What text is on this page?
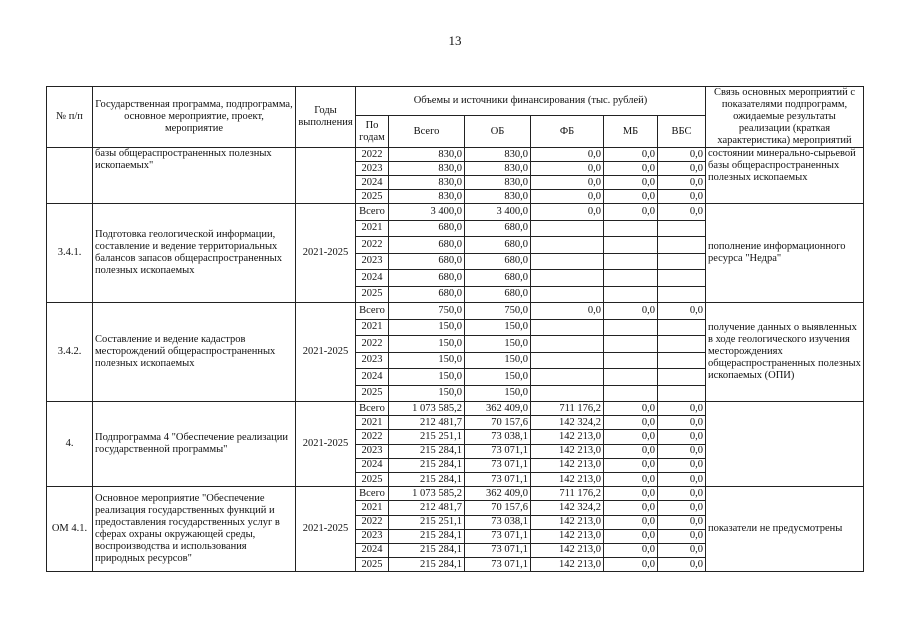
13
№ п/п	Государственная программа, подпрограмма, основное мероприятие, проект, мероприятие	Годы выполнения	Объемы и источники финансирования (тыс. рублей)						Связь основных мероприятий с показателями подпрограмм, ожидаемые результаты реализации (краткая характеристика) мероприятий
			По годам	Всего	ОБ	ФБ	МБ	ВБС	
	базы общераспространенных полезных ископаемых"		2022	830,0	830,0	0,0	0,0	0,0	состоянии минерально-сырьевой базы общераспространенных полезных ископаемых
			2023	830,0	830,0	0,0	0,0	0,0	
			2024	830,0	830,0	0,0	0,0	0,0	
			2025	830,0	830,0	0,0	0,0	0,0	
3.4.1.	Подготовка геологической информации, составление и ведение территориальных балансов запасов общераспространенных полезных ископаемых	2021-2025	Всего	3 400,0	3 400,0	0,0	0,0	0,0	пополнение информационного ресурса "Недра"
			2021	680,0	680,0				
			2022	680,0	680,0				
			2023	680,0	680,0				
			2024	680,0	680,0				
			2025	680,0	680,0				
3.4.2.	Составление и ведение кадастров месторождений общераспространенных полезных ископаемых	2021-2025	Всего	750,0	750,0	0,0	0,0	0,0	получение данных о выявленных в ходе геологического изучения месторождениях общераспространенных полезных ископаемых (ОПИ)
			2021	150,0	150,0				
			2022	150,0	150,0				
			2023	150,0	150,0				
			2024	150,0	150,0				
			2025	150,0	150,0				
4.	Подпрограмма 4 "Обеспечение реализации государственной программы"	2021-2025	Всего	1 073 585,2	362 409,0	711 176,2	0,0	0,0	
			2021	212 481,7	70 157,6	142 324,2	0,0	0,0	
			2022	215 251,1	73 038,1	142 213,0	0,0	0,0	
			2023	215 284,1	73 071,1	142 213,0	0,0	0,0	
			2024	215 284,1	73 071,1	142 213,0	0,0	0,0	
			2025	215 284,1	73 071,1	142 213,0	0,0	0,0	
ОМ 4.1.	Основное мероприятие "Обеспечение реализация государственных функций и предоставления государственных услуг в сферах охраны окружающей среды, воспроизводства и использования природных ресурсов"	2021-2025	Всего	1 073 585,2	362 409,0	711 176,2	0,0	0,0	показатели не предусмотрены
			2021	212 481,7	70 157,6	142 324,2	0,0	0,0	
			2022	215 251,1	73 038,1	142 213,0	0,0	0,0	
			2023	215 284,1	73 071,1	142 213,0	0,0	0,0	
			2024	215 284,1	73 071,1	142 213,0	0,0	0,0	
			2025	215 284,1	73 071,1	142 213,0	0,0	0,0	
